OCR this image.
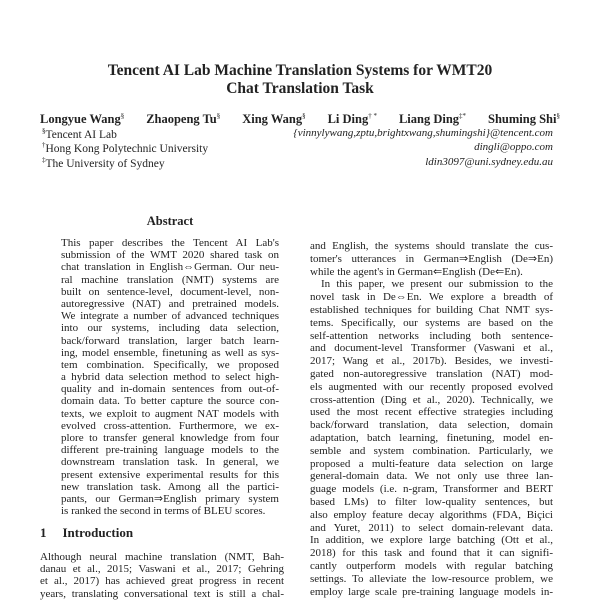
Tencent AI Lab Machine Translation Systems for WMT20
Chat Translation Task
Longyue Wang§ Zhaopeng Tu§ Xing Wang§ Li Ding† * Liang Ding‡* Shuming Shi§
§Tencent AI Lab	{vinnylywang,zptu,brightxwang,shumingshi}@tencent.com
†Hong Kong Polytechnic University	dingli@oppo.com
‡The University of Sydney	ldin3097@uni.sydney.edu.au
Abstract
This paper describes the Tencent AI Lab's
submission of the WMT 2020 shared task on
chat translation in English⇔German. Our neu-
ral machine translation (NMT) systems are
built on sentence-level, document-level, non-
autoregressive (NAT) and pretrained models.
We integrate a number of advanced techniques
into our systems, including data selection,
back/forward translation, larger batch learn-
ing, model ensemble, finetuning as well as sys-
tem combination. Specifically, we proposed
a hybrid data selection method to select high-
quality and in-domain sentences from out-of-
domain data. To better capture the source con-
texts, we exploit to augment NAT models with
evolved cross-attention. Furthermore, we ex-
plore to transfer general knowledge from four
different pre-training language models to the
downstream translation task. In general, we
present extensive experimental results for this
new translation task. Among all the partici-
pants, our German⇒English primary system
is ranked the second in terms of BLEU scores.
1 Introduction
Although neural machine translation (NMT, Bah-
danau et al., 2015; Vaswani et al., 2017; Gehring
et al., 2017) has achieved great progress in recent
years, translating conversational text is still a chal-
and English, the systems should translate the cus-
tomer's utterances in German⇒English (De⇒En)
while the agent's in German⇐English (De⇐En).
In this paper, we present our submission to the
novel task in De⇔En. We explore a breadth of
established techniques for building Chat NMT sys-
tems. Specifically, our systems are based on the
self-attention networks including both sentence-
and document-level Transformer (Vaswani et al.,
2017; Wang et al., 2017b). Besides, we investi-
gated non-autoregressive translation (NAT) mod-
els augmented with our recently proposed evolved
cross-attention (Ding et al., 2020). Technically, we
used the most recent effective strategies including
back/forward translation, data selection, domain
adaptation, batch learning, finetuning, model en-
semble and system combination. Particularly, we
proposed a multi-feature data selection on large
general-domain data. We not only use three lan-
guage models (i.e. n-gram, Transformer and BERT
based LMs) to filter low-quality sentences, but
also employ feature decay algorithms (FDA, Biçici
and Yuret, 2011) to select domain-relevant data.
In addition, we explore large batching (Ott et al.,
2018) for this task and found that it can signifi-
cantly outperform models with regular batching
settings. To alleviate the low-resource problem, we
employ large scale pre-training language models in-
